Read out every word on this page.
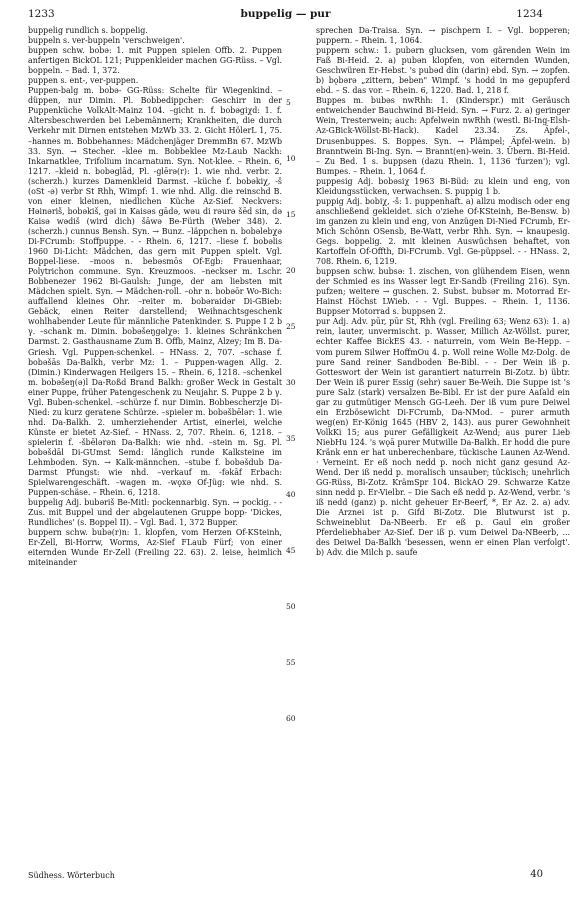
1233	buppelig — pur	1234

buppelig rundlich s. boppelig.

buppeln s. ver-buppeln 'verschweigen'.

buppen schw. bobǝ: 1. mit Puppen spielen Offb. 2. Puppen anfertigen BickOL 121; Puppenkleider machen GG-Rüss. – Vgl. boppeln. – Bad. 1, 372.

puppen s. ent-, ver-puppen.

Puppen-balg m. bobǝ- GG-Rüss: Schelte für Wiegenkind. –düppen, nur Dimin. Pl. Bobbedippcher: Geschirr in der Puppenküche VolkAlt-Mainz 104. –gicht n. f. bobǝgiχd: 1. f. Altersbeschwerden bei Lebemännern; Krankheiten, die durch Verkehr mit Dirnen entstehen MzWb 33. 2. Gicht HölerL 1, 75. –hannes m. Bobbehannes: Mädchenjäger DremmBn 67. MzWb 33. Syn. → Stecher. –klee m. Bobbeklee Mz-Laub Nackh: Inkarnatklee, Trifolium incarnatum. Syn. Not-klee. – Rhein. 6, 1217. –kleid n. bobǝglād, Pl. -glērǝ(r): 1. wie nhd. verbr. 2. (scherzh.) kurzes Damenkleid Darmst. –küche f. bobǝkiχ, -š (oSt -ǝ) verbr St Rhh, Wimpf: 1. wie nhd. Allg. die reinschd B. von einer kleinen, niedlichen Küche Az-Sief. Neckvers: Hǝinǝriš, bobǝkiš, gǝi in Kaisǝs gādǝ, wǝu di rǝurǝ šēd sin, dǝ Kaisǝ wǝdiš (wird dich) šāwǝ Be-Fürth (Weber 348). 2. (scherzh.) cunnus Bensh. Syn. → Bunz. –läppchen n. bobǝlebχǝ Di-FCrumb: Stoffpuppe. - - Rhein. 6, 1217. –liese f. bobǝlis 1960 Di-Licht: Mädchen, das gern mit Puppen spielt. Vgl. Boppel-liese. –moos n. bebǝsmōs Of-Egb: Frauenhaar, Polytrichon commune. Syn. Kreuzmoos. –neckser m. Lschr. Bobbenezer 1962 Bi-Gaulsh: Junge, der am liebsten mit Mädchen spielt. Syn. → Mädchen-roll. –ohr n. bobǝōr Wo-Bich: auffallend kleines Ohr. –reiter m. bobǝraidǝr Di-GBieb: Gebäck, einen Reiter darstellend; Weihnachtsgeschenk wohlhabender Leute für männliche Patenkinder. S. Puppe I 2 b γ. –schank m. Dimin. bobǝšeŋgǝlχǝ: 1. kleines Schränkchen Darmst. 2. Gasthausname Zum B. Offb, Mainz, Alzey; Im B. Da-Griesh. Vgl. Puppen-schenkel. – HNass. 2, 707. –schase f. bobǝšās Da-Balkh, verbr Mz: 1. – Puppen-wagen Allg. 2. (Dimin.) Kinderwagen Heilgers 15. – Rhein. 6, 1218. –schenkel m. bobǝšeŋ(ǝ)l Da-Roßd Brand Balkh: großer Weck in Gestalt einer Puppe, früher Patengeschenk zu Neujahr. S. Puppe 2 b γ. Vgl. Buben-schenkel. –schürze f. nur Dimin. Bobbescherzje Di-Nied: zu kurz geratene Schürze. –spieler m. bobǝšbēlǝr: 1. wie nhd. Da-Balkh. 2. umherziehender Artist, einerlei, welche Künste er bietet Az-Sief. – HNass. 2, 707. Rhein. 6, 1218. –spielerin f. -šbēlǝrǝn Da-Balkh: wie nhd. –stein m. Sg. Pl. bobǝšdāl Di-GUmst Semd: länglich runde Kalksteine im Lehmboden. Syn. → Kalk-männchen. –stube f. bobǝšdub Da-Darmst Pfungst: wie nhd. –verkauf m. -fǝkāf Erbach: Spielwarengeschäft. –wagen m. -wǫxǝ Of-Jüg: wie nhd. S. Puppen-schäse. – Rhein. 6, 1218.

buppelig Adj. bubǝriš Be-Mitl: pockennarbig. Syn. → pockig. - - Zus. mit Buppel und der abgelautenen Gruppe bopp- 'Dickes, Rundliches' (s. Boppel II). – Vgl. Bad. 1, 372 Bupper.

buppern schw. bubǝ(r)n: 1. klopfen, vom Herzen Of-KSteinh, Er-Zell, Bi-Horrw, Worms, Az-Sief FLaub Fürf; von einer eiternden Wunde Er-Zell (Freiling 22. 63). 2. leise, heimlich miteinander

5
10
15
20
25
30
35
40
45
50
55
60

sprechen Da-Traisa. Syn. → pischpern I. – Vgl. bopperen; puppern. – Rhein. 1, 1064.

puppern schw.: 1. pubǝrn glucksen, vom gärenden Wein im Faß Bi-Heid. 2. a) pubǝn klopfen, von eiternden Wunden, Geschwüren Er-Hebst. 's pubǝd din (darin) ebd. Syn. → zopfen. b) bǫbǝrǝ „zittern, beben" Wimpf. 's hodd in mǝ gepupferd ebd. – S. das vor. – Rhein. 6, 1220. Bad. 1, 218 f.

Buppes m. bubǝs nwRhh: 1. (Kinderspr.) mit Geräusch entweichender Bauchwind Bi-Heid. Syn. → Furz. 2. a) geringer Wein, Tresterwein; auch: Apfelwein nwRhh (westl. Bi-Ing-Elsh-Az-GBick-Wöllst-Bi-Hack). Kadel 23.34. Zs. Äpfel-, Drusenbuppes. S. Boppes. Syn. → Plämpel; Äpfel-wein. b) Branntwein Bi-Ing. Syn. → Brannt(en)-wein. 3. Übern. Bi-Heid. – Zu Bed. 1 s. buppsen (dazu Rhein. 1, 1136 'furzen'); vgl. Bumpes. – Rhein. 1, 1064 f.

puppesig Adj. bobǝsiχ 1963 Bi-Büd: zu klein und eng, von Kleidungsstücken, verwachsen. S. puppig 1 b.

puppig Adj. bobiχ, -š: 1. puppenhaft. a) allzu modisch oder eng anschließend gekleidet. sich o'ziehe Of-KSteinh, Be-Bensw. b) im ganzen zu klein und eng, von Anzügen Di-Nied FCrumb, Er-Mich Schönn OSensb, Be-Watt, verbr Rhh. Syn. → knaupesig. Gegs. boppelig. 2. mit kleinen Auswüchsen behaftet, von Kartoffeln Of-Offth, Di-FCrumb. Vgl. Ge-püppsel. - - HNass. 2, 708. Rhein. 6, 1219.

buppsen schw. bubsǝ: 1. zischen, von glühendem Eisen, wenn der Schmied es ins Wasser legt Er-Sandb (Freiling 216). Syn. pufzen; weitere → guschen. 2. Subst. bubsǝr m. Motorrad Er-Hainst Höchst LWieb. - - Vgl. Buppes. – Rhein. 1, 1136. Buppser Motorrad s. buppsen 2.

pur Adj. Adv. pūr, pūr St, Rhh (vgl. Freiling 63; Wenz 63): 1. a) rein, lauter, unvermischt. p. Wasser, Millich Az-Wöllst. purer, echter Kaffee BickES 43. - naturrein, vom Wein Be-Hepp. – vom purem Silwer HoffmOu 4. p. Woll reine Wolle Mz-Dolg. de pure Sand reiner Sandboden Be-Bibl. - - Der Wein iß p. Gotteswort der Wein ist garantiert naturrein Bi-Zotz. b) übtr. Der Wein iß purer Essig (sehr) sauer Be-Weih. Die Suppe ist 's pure Salz (stark) versalzen Be-Bibl. Er ist der pure Aaſald ein gar zu gutmütiger Mensch GG-Leeh. Der iß vum pure Deiwel ein Erzbösewicht Di-FCrumb, Da-NMod. – purer armuth weg(en) Er-König 1645 (HBV 2, 143). aus purer Gewohnheit VolkKi 15; aus purer Gefälligkeit Az-Wend; aus purer Lieb NiebHu 124. 's wǫā purer Mutwille Da-Balkh. Er hodd die pure Kränk enn er hat unberechenbare, tückische Launen Az-Wend. · Verneint. Er eß noch nedd p. noch nicht ganz gesund Az-Wend. Der iß nedd p. moralisch unsauber; tückisch; unehrlich GG-Rüss, Bi-Zotz. KrämSpr 104. BickAO 29. Schwarze Katze sinn nedd p. Er-Vielbr. – Die Sach eß nedd p. Az-Wend, verbr. 's iß nedd (ganz) p. nicht geheuer Er-Beerf, *, Er Az. 2. a) adv. Die Arznei ist p. Gifd Bi-Zotz. Die Blutwurst ist p. Schweineblut Da-NBeerb. Er eß p. Gaul ein großer Pferdeliebhaber Az-Sief. Der iß p. vum Deiwel Da-NBeerb, ... des Deiwel Da-Balkh 'besessen, wenn er einen Plan verfolgt'. b) Adv. die Milch p. saufe

Südhess. Wörterbuch	40
